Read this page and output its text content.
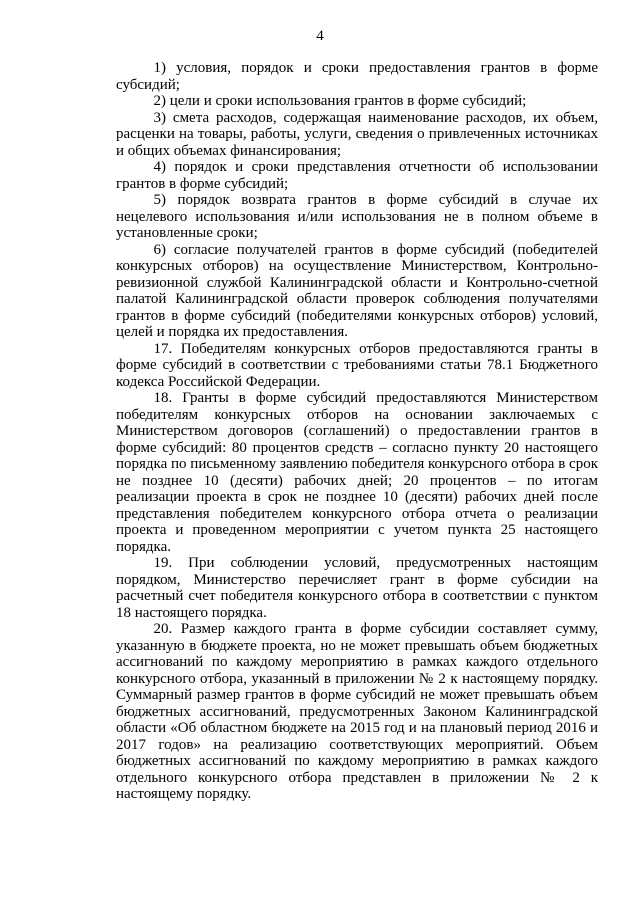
4

1) условия, порядок и сроки предоставления грантов в форме субсидий;

2) цели и сроки использования грантов в форме субсидий;

3) смета расходов, содержащая наименование расходов, их объем, расценки на товары, работы, услуги, сведения о привлеченных источниках и общих объемах финансирования;

4) порядок и сроки представления отчетности об использовании грантов в форме субсидий;

5) порядок возврата грантов в форме субсидий в случае их нецелевого использования и/или использования не в полном объеме в установленные сроки;

6) согласие получателей грантов в форме субсидий (победителей конкурсных отборов) на осуществление Министерством, Контрольно-ревизионной службой Калининградской области и Контрольно-счетной палатой Калининградской области проверок соблюдения получателями грантов в форме субсидий (победителями конкурсных отборов) условий, целей и порядка их предоставления.

17. Победителям конкурсных отборов предоставляются гранты в форме субсидий в соответствии с требованиями статьи 78.1 Бюджетного кодекса Российской Федерации.

18. Гранты в форме субсидий предоставляются Министерством победителям конкурсных отборов на основании заключаемых с Министерством договоров (соглашений) о предоставлении грантов в форме субсидий: 80 процентов средств – согласно пункту 20 настоящего порядка по письменному заявлению победителя конкурсного отбора в срок не позднее 10 (десяти) рабочих дней; 20 процентов – по итогам реализации проекта в срок не позднее 10 (десяти) рабочих дней после представления победителем конкурсного отбора отчета о реализации проекта и проведенном мероприятии с учетом пункта 25 настоящего порядка.

19. При соблюдении условий, предусмотренных настоящим порядком, Министерство перечисляет грант в форме субсидии на расчетный счет победителя конкурсного отбора в соответствии с пунктом 18 настоящего порядка.

20. Размер каждого гранта в форме субсидии составляет сумму, указанную в бюджете проекта, но не может превышать объем бюджетных ассигнований по каждому мероприятию в рамках каждого отдельного конкурсного отбора, указанный в приложении № 2 к настоящему порядку. Суммарный размер грантов в форме субсидий не может превышать объем бюджетных ассигнований, предусмотренных Законом Калининградской области «Об областном бюджете на 2015 год и на плановый период 2016 и 2017 годов» на реализацию соответствующих мероприятий. Объем бюджетных ассигнований по каждому мероприятию в рамках каждого отдельного конкурсного отбора представлен в приложении № 2 к настоящему порядку.
